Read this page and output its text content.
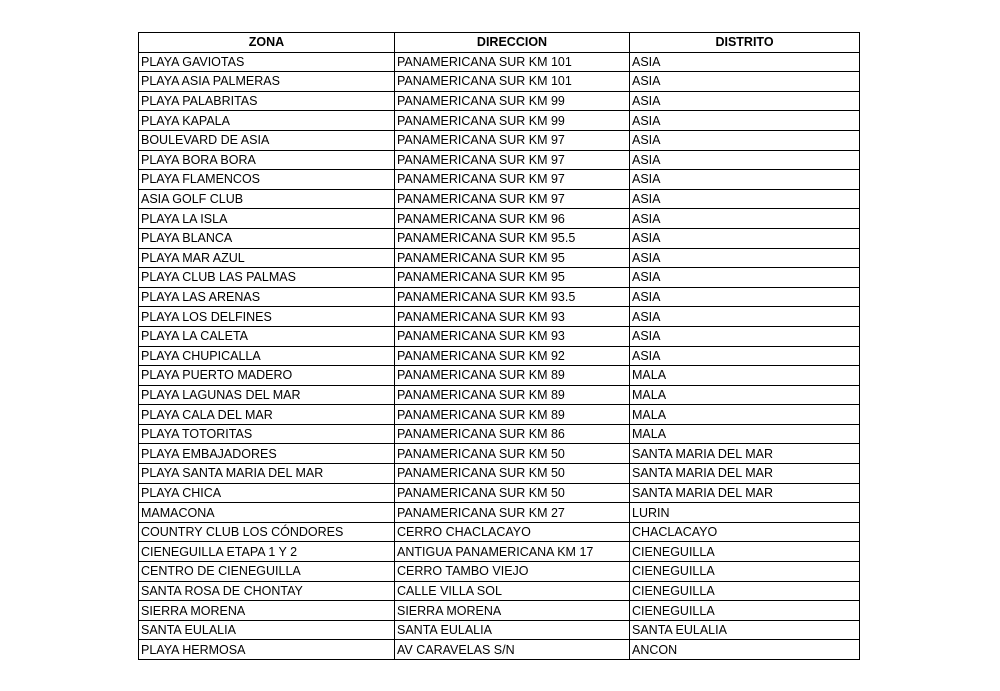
ZONA	DIRECCION	DISTRITO
PLAYA GAVIOTAS	PANAMERICANA SUR KM 101	ASIA
PLAYA ASIA PALMERAS	PANAMERICANA SUR KM 101	ASIA
PLAYA PALABRITAS	PANAMERICANA SUR KM 99	ASIA
PLAYA KAPALA	PANAMERICANA SUR KM 99	ASIA
BOULEVARD DE ASIA	PANAMERICANA SUR KM 97	ASIA
PLAYA BORA BORA	PANAMERICANA SUR KM 97	ASIA
PLAYA FLAMENCOS	PANAMERICANA SUR KM 97	ASIA
ASIA GOLF CLUB	PANAMERICANA SUR KM 97	ASIA
PLAYA LA ISLA	PANAMERICANA SUR KM 96	ASIA
PLAYA BLANCA	PANAMERICANA SUR KM 95.5	ASIA
PLAYA MAR AZUL	PANAMERICANA SUR KM 95	ASIA
PLAYA CLUB LAS PALMAS	PANAMERICANA SUR KM 95	ASIA
PLAYA LAS ARENAS	PANAMERICANA SUR KM 93.5	ASIA
PLAYA LOS DELFINES	PANAMERICANA SUR KM 93	ASIA
PLAYA LA CALETA	PANAMERICANA SUR KM 93	ASIA
PLAYA CHUPICALLA	PANAMERICANA SUR KM 92	ASIA
PLAYA PUERTO MADERO	PANAMERICANA SUR KM 89	MALA
PLAYA LAGUNAS DEL MAR	PANAMERICANA SUR KM 89	MALA
PLAYA CALA DEL MAR	PANAMERICANA SUR KM 89	MALA
PLAYA TOTORITAS	PANAMERICANA SUR KM 86	MALA
PLAYA EMBAJADORES	PANAMERICANA SUR KM 50	SANTA MARIA DEL MAR
PLAYA SANTA MARIA DEL MAR	PANAMERICANA SUR KM 50	SANTA MARIA DEL MAR
PLAYA CHICA	PANAMERICANA SUR KM 50	SANTA MARIA DEL MAR
MAMACONA	PANAMERICANA SUR KM 27	LURIN
COUNTRY CLUB LOS CÓNDORES	CERRO CHACLACAYO	CHACLACAYO
CIENEGUILLA ETAPA 1 Y 2	ANTIGUA PANAMERICANA KM 17	CIENEGUILLA
CENTRO DE CIENEGUILLA	CERRO TAMBO VIEJO	CIENEGUILLA
SANTA ROSA DE CHONTAY	CALLE VILLA SOL	CIENEGUILLA
SIERRA MORENA	SIERRA MORENA	CIENEGUILLA
SANTA EULALIA	SANTA EULALIA	SANTA EULALIA
PLAYA HERMOSA	AV CARAVELAS S/N	ANCON
